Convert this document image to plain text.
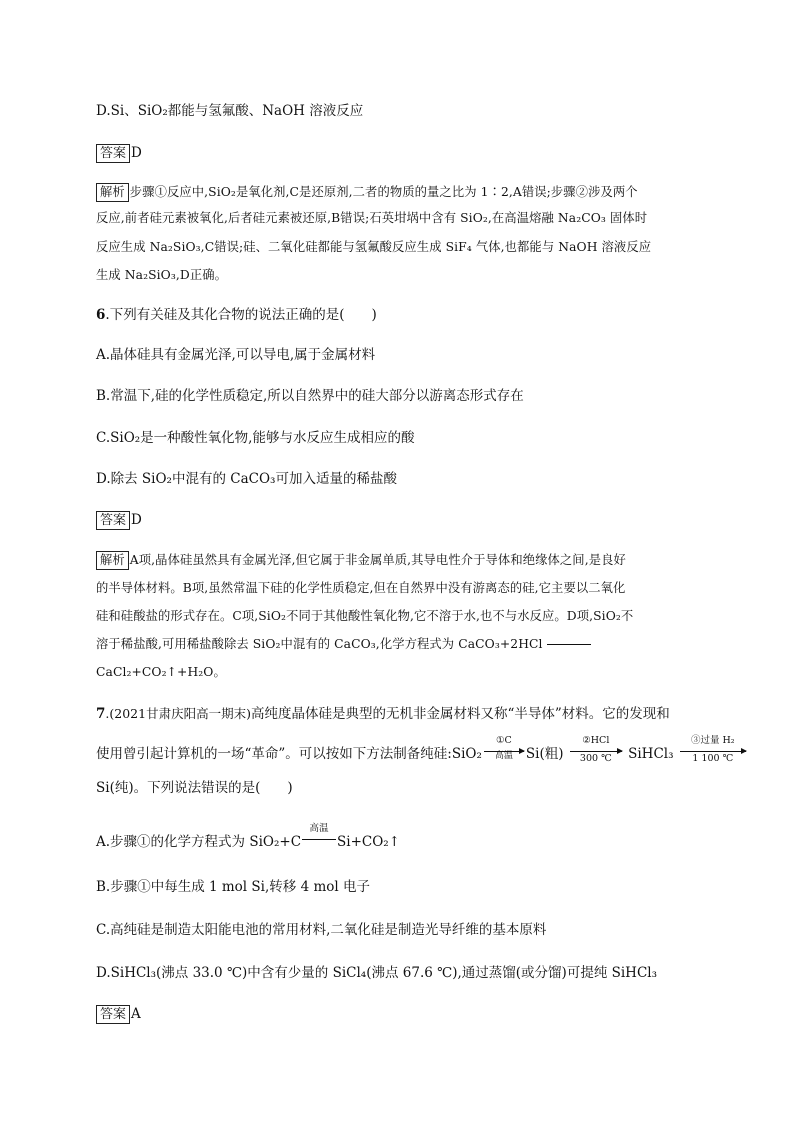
D.Si、SiO₂都能与氢氟酸、NaOH 溶液反应
答案 D
解析 步骤①反应中,SiO₂是氧化剂,C是还原剂,二者的物质的量之比为 1∶2,A错误;步骤②涉及两个
反应,前者硅元素被氧化,后者硅元素被还原,B错误;石英坩埚中含有 SiO₂,在高温熔融 Na₂CO₃ 固体时
反应生成 Na₂SiO₃,C错误;硅、二氧化硅都能与氢氟酸反应生成 SiF₄ 气体,也都能与 NaOH 溶液反应
生成 Na₂SiO₃,D正确。
6.下列有关硅及其化合物的说法正确的是(　　)
A.晶体硅具有金属光泽,可以导电,属于金属材料
B.常温下,硅的化学性质稳定,所以自然界中的硅大部分以游离态形式存在
C.SiO₂是一种酸性氧化物,能够与水反应生成相应的酸
D.除去 SiO₂中混有的 CaCO₃可加入适量的稀盐酸
答案 D
解析 A项,晶体硅虽然具有金属光泽,但它属于非金属单质,其导电性介于导体和绝缘体之间,是良好
的半导体材料。B项,虽然常温下硅的化学性质稳定,但在自然界中没有游离态的硅,它主要以二氧化
硅和硅酸盐的形式存在。C项,SiO₂不同于其他酸性氧化物,它不溶于水,也不与水反应。D项,SiO₂不
溶于稀盐酸,可用稀盐酸除去 SiO₂中混有的 CaCO₃,化学方程式为 CaCO₃+2HCl
CaCl₂+CO₂↑+H₂O。
7.(2021甘肃庆阳高一期末)高纯度晶体硅是典型的无机非金属材料又称“半导体”材料。它的发现和
使用曾引起计算机的一场“革命”。可以按如下方法制备纯硅:SiO₂
①C
高温 Si(粗)
②HCl
300 ℃	SiHCl₃
③过量 H₂
1 100 ℃
Si(纯)。下列说法错误的是(　　)
A.步骤①的化学方程式为 SiO₂+C
高温
Si+CO₂↑
B.步骤①中每生成 1 mol Si,转移 4 mol 电子
C.高纯硅是制造太阳能电池的常用材料,二氧化硅是制造光导纤维的基本原料
D.SiHCl₃(沸点 33.0 ℃)中含有少量的 SiCl₄(沸点 67.6 ℃),通过蒸馏(或分馏)可提纯 SiHCl₃
答案 A
